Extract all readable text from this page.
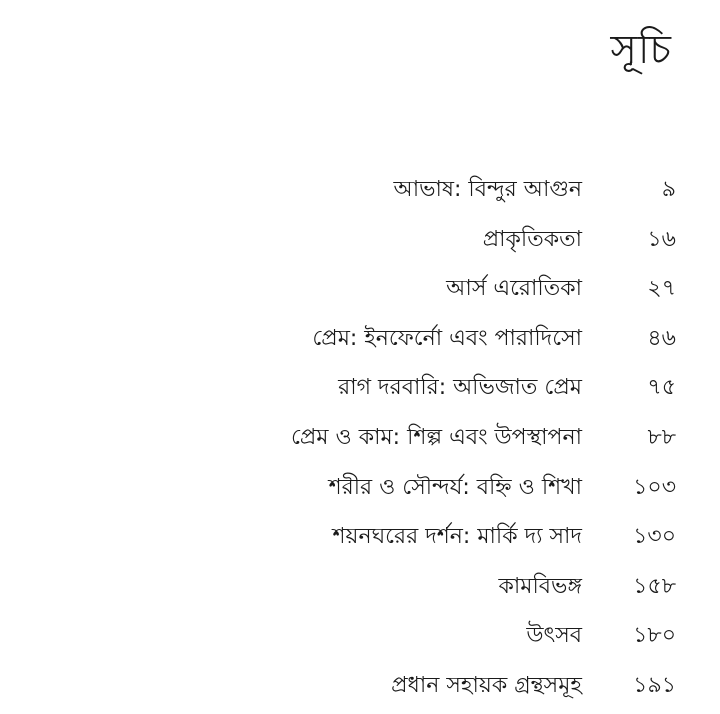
সূচি
আভাষ: বিন্দুর আগুন	৯
প্রাকৃতিকতা	১৬
আর্স এরোতিকা	২৭
প্রেম: ইনফের্নো এবং পারাদিসো	৪৬
রাগ দরবারি: অভিজাত প্রেম	৭৫
প্রেম ও কাম: শিল্প এবং উপস্থাপনা	৮৮
শরীর ও সৌন্দর্য: বহ্নি ও শিখা ১০৩
শয়নঘরের দর্শন: মার্কি দ্য সাদ ১৩০
কামবিভঙ্গ ১৫৮
উৎসব ১৮০
প্রধান সহায়ক গ্রন্থসমূহ ১৯১
